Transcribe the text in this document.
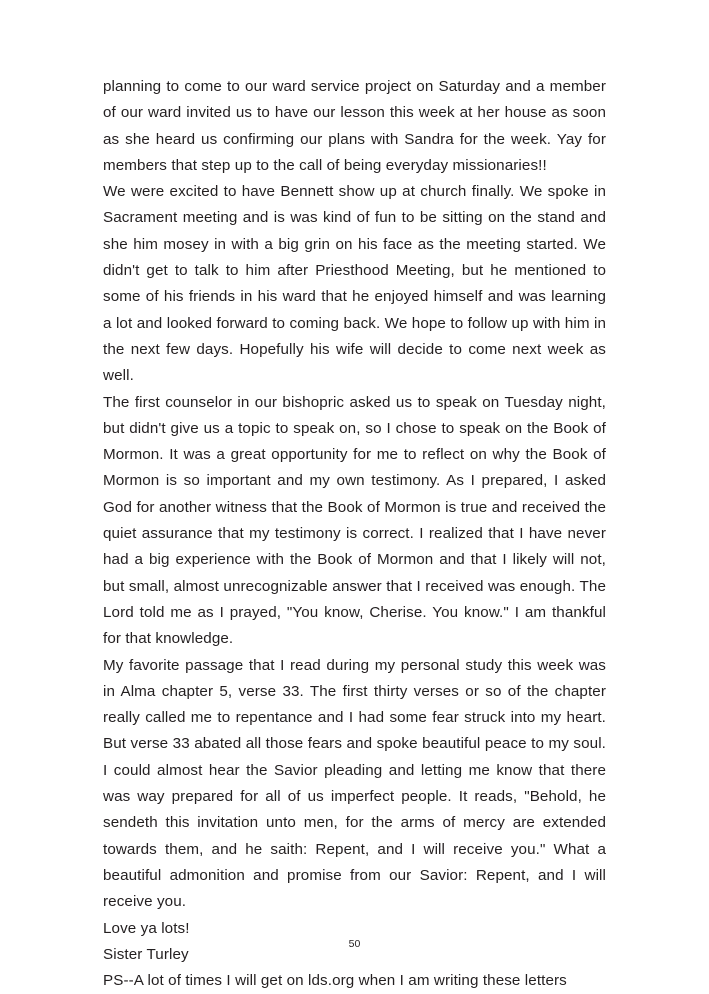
planning to come to our ward service project on Saturday and a member of our ward invited us to have our lesson this week at her house as soon as she heard us confirming our plans with Sandra for the week. Yay for members that step up to the call of being everyday missionaries!!

We were excited to have Bennett show up at church finally. We spoke in Sacrament meeting and is was kind of fun to be sitting on the stand and she him mosey in with a big grin on his face as the meeting started. We didn't get to talk to him after Priesthood Meeting, but he mentioned to some of his friends in his ward that he enjoyed himself and was learning a lot and looked forward to coming back. We hope to follow up with him in the next few days. Hopefully his wife will decide to come next week as well.

The first counselor in our bishopric asked us to speak on Tuesday night, but didn't give us a topic to speak on, so I chose to speak on the Book of Mormon. It was a great opportunity for me to reflect on why the Book of Mormon is so important and my own testimony. As I prepared, I asked God for another witness that the Book of Mormon is true and received the quiet assurance that my testimony is correct. I realized that I have never had a big experience with the Book of Mormon and that I likely will not, but small, almost unrecognizable answer that I received was enough. The Lord told me as I prayed, "You know, Cherise. You know." I am thankful for that knowledge.

My favorite passage that I read during my personal study this week was in Alma chapter 5, verse 33. The first thirty verses or so of the chapter really called me to repentance and I had some fear struck into my heart. But verse 33 abated all those fears and spoke beautiful peace to my soul. I could almost hear the Savior pleading and letting me know that there was way prepared for all of us imperfect people. It reads, "Behold, he sendeth this invitation unto men, for the arms of mercy are extended towards them, and he saith: Repent, and I will receive you." What a beautiful admonition and promise from our Savior: Repent, and I will receive you.

Love ya lots!

Sister Turley

PS--A lot of times I will get on lds.org when I am writing these letters

50
